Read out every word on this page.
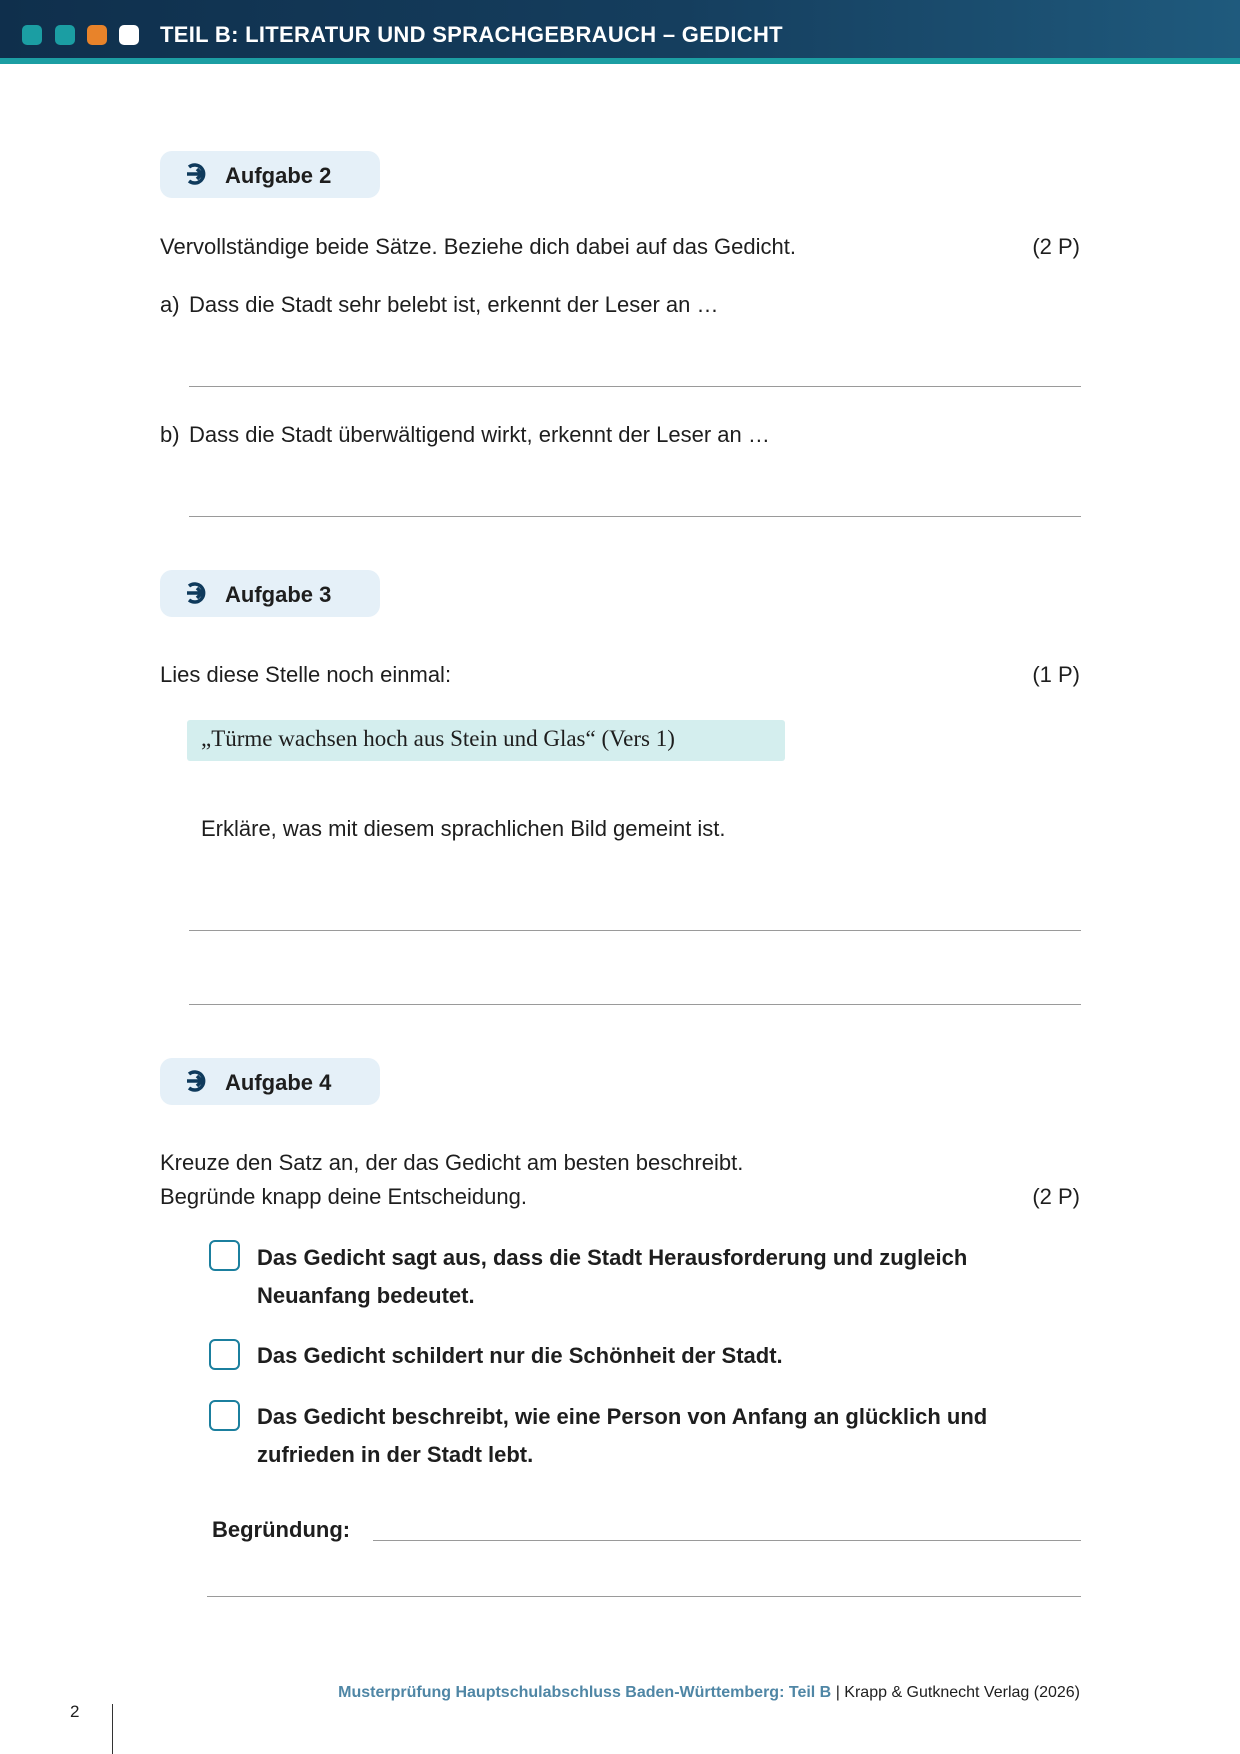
TEIL B: LITERATUR UND SPRACHGEBRAUCH – GEDICHT
Aufgabe 2
Vervollständige beide Sätze. Beziehe dich dabei auf das Gedicht.	(2 P)
a) Dass die Stadt sehr belebt ist, erkennt der Leser an …
b) Dass die Stadt überwältigend wirkt, erkennt der Leser an …
Aufgabe 3
Lies diese Stelle noch einmal:	(1 P)
„Türme wachsen hoch aus Stein und Glas“ (Vers 1)
Erkläre, was mit diesem sprachlichen Bild gemeint ist.
Aufgabe 4
Kreuze den Satz an, der das Gedicht am besten beschreibt.
Begründe knapp deine Entscheidung.	(2 P)
Das Gedicht sagt aus, dass die Stadt Herausforderung und zugleich Neuanfang bedeutet.
Das Gedicht schildert nur die Schönheit der Stadt.
Das Gedicht beschreibt, wie eine Person von Anfang an glücklich und zufrieden in der Stadt lebt.
Begründung:
2
Musterprüfung Hauptschulabschluss Baden-Württemberg: Teil B | Krapp & Gutknecht Verlag (2026)
